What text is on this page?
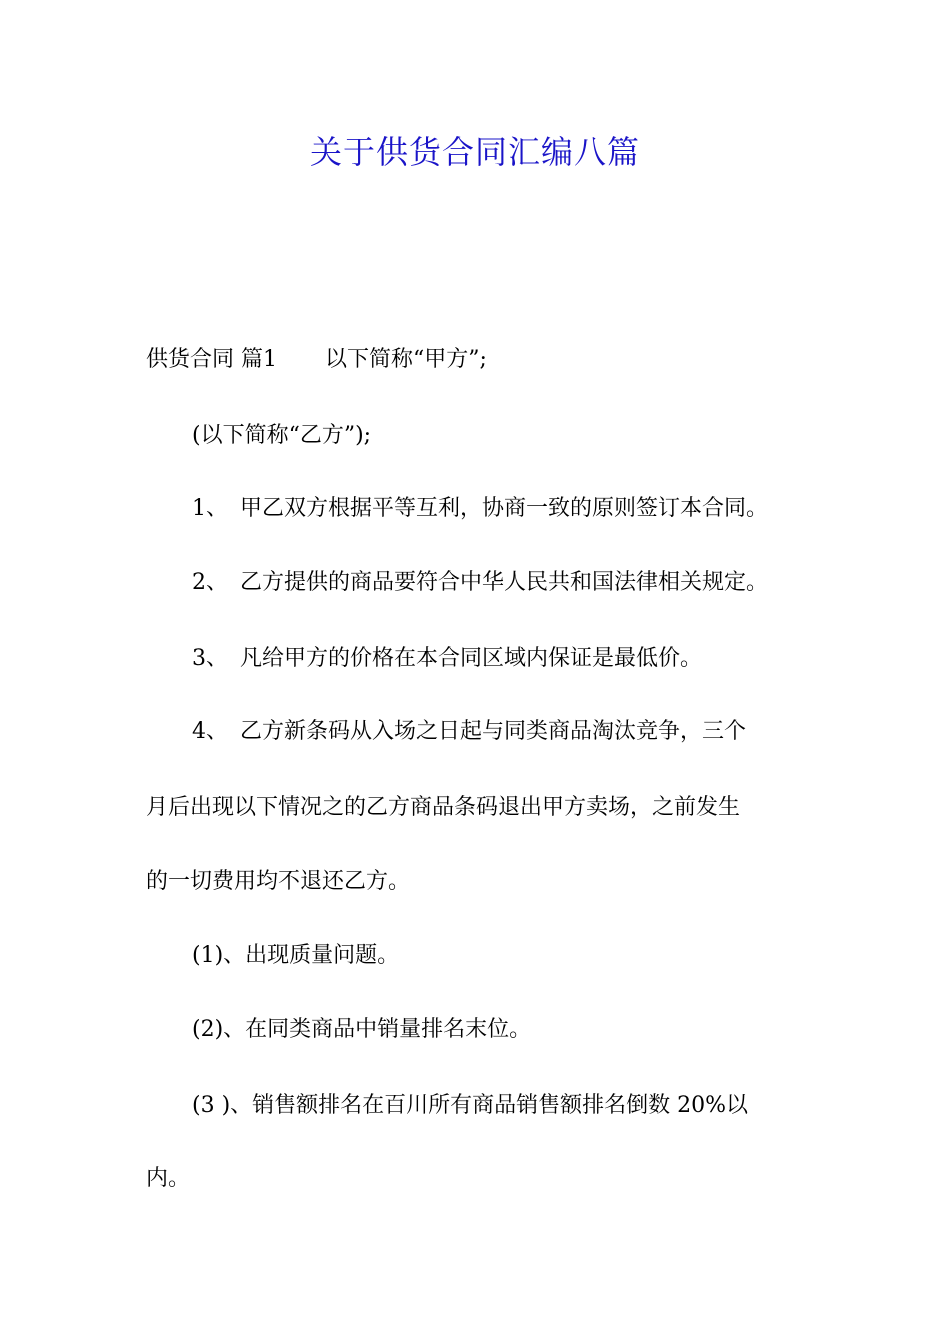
关于供货合同汇编八篇
供货合同 篇1 以下简称“甲方”;
(以下简称“乙方”);
1、 甲乙双方根据平等互利，协商一致的原则签订本合同。
2、 乙方提供的商品要符合中华人民共和国法律相关规定。
3、 凡给甲方的价格在本合同区域内保证是最低价。
4、 乙方新条码从入场之日起与同类商品淘汰竞争，三个
月后出现以下情况之的乙方商品条码退出甲方卖场，之前发生
的一切费用均不退还乙方。
(1)、出现质量问题。
(2)、在同类商品中销量排名末位。
(3 )、销售额排名在百川所有商品销售额排名倒数 20%以
内。
